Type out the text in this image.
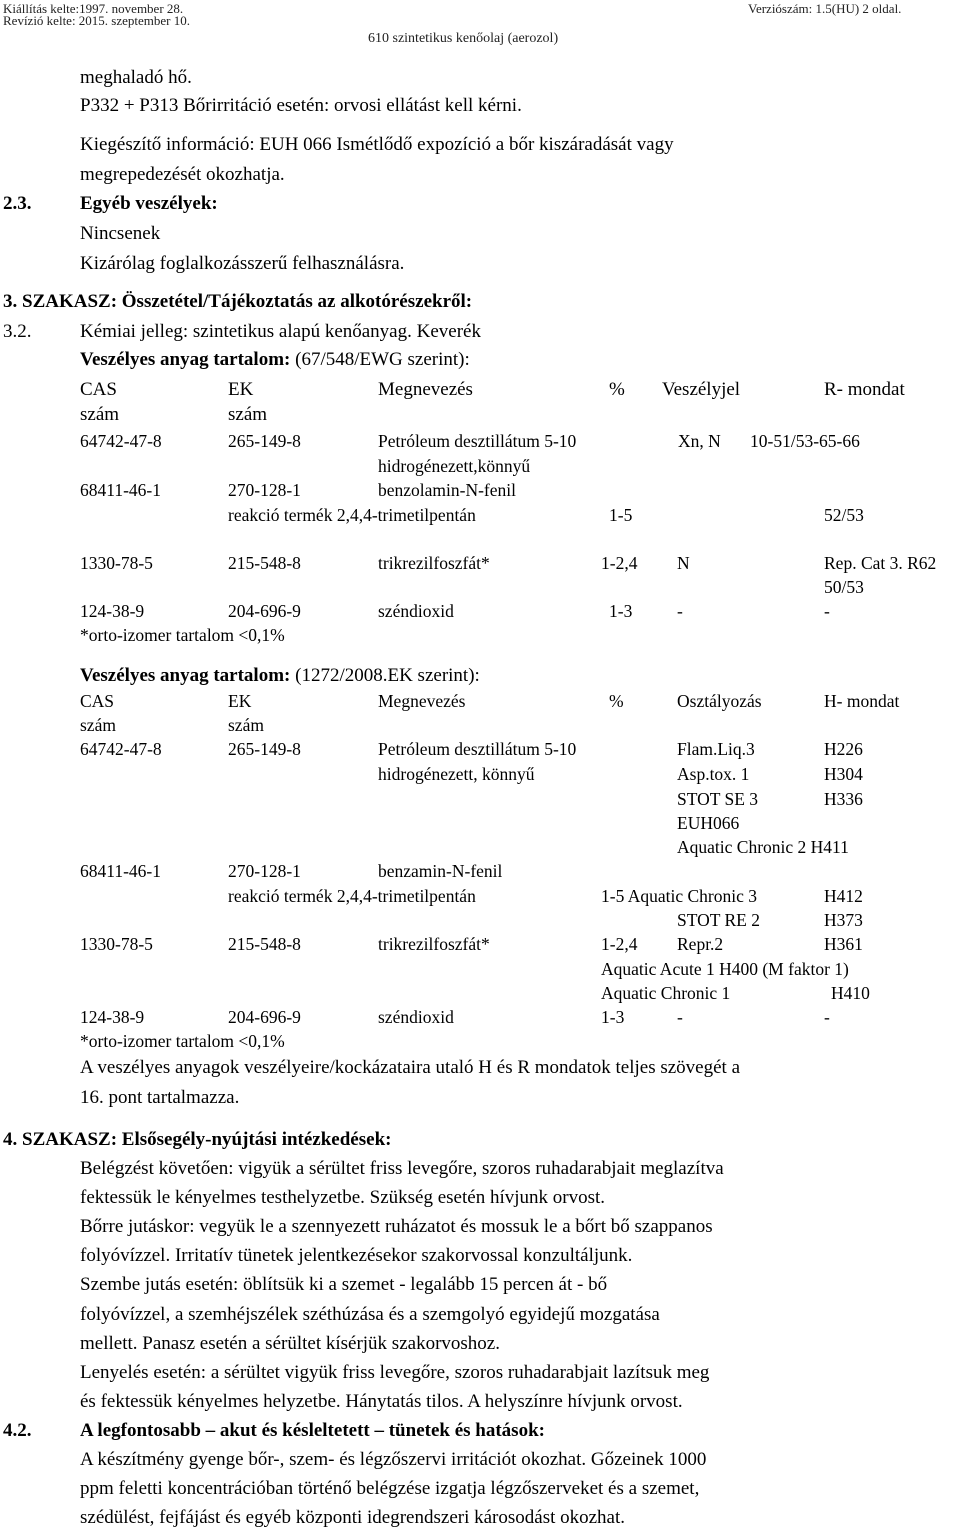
Kiállítás kelte:1997. november 28.
Revízió kelte: 2015. szeptember 10.
Verziószám: 1.5(HU) 2 oldal.
610 szintetikus kenőolaj (aerozol)
meghaladó hő.
P332 + P313 Bőrirritáció esetén: orvosi ellátást kell kérni.
Kiegészítő információ: EUH 066 Ismétlődő expozíció a bőr kiszáradását vagy
megrepedezését okozhatja.
2.3.	Egyéb veszélyek:
Nincsenek
Kizárólag foglalkozásszerű felhasználásra.
3. SZAKASZ: Összetétel/Tájékoztatás az alkotórészekről:
3.2.	Kémiai jelleg: szintetikus alapú kenőanyag. Keverék
Veszélyes anyag tartalom: (67/548/EWG szerint):
CAS	EK	Megnevezés	% Veszélyjel	R- mondat
szám	szám
64742-47-8	265-149-8	Petróleum desztillátum 5-10	Xn, N 10-51/53-65-66
hidrogénezett,könnyű
68411-46-1	270-128-1	benzolamin-N-fenil
reakció termék 2,4,4-trimetilpentán	1-5	52/53
1330-78-5	215-548-8	trikrezilfoszfát*	1-2,4 N	Rep. Cat 3. R62
50/53
124-38-9	204-696-9	széndioxid	1-3	-	-
*orto-izomer tartalom <0,1%
Veszélyes anyag tartalom: (1272/2008.EK szerint):
CAS	EK	Megnevezés	%	Osztályozás	H- mondat
szám	szám
64742-47-8	265-149-8	Petróleum desztillátum 5-10	Flam.Liq.3	H226
hidrogénezett, könnyű	Asp.tox. 1	H304
STOT SE 3	H336
EUH066
Aquatic Chronic 2 H411
68411-46-1	270-128-1	benzamin-N-fenil
reakció termék 2,4,4-trimetilpentán	1-5 Aquatic Chronic 3	H412
STOT RE 2	H373
1330-78-5	215-548-8	trikrezilfoszfát*	1-2,4 Repr.2	H361
Aquatic Acute 1 H400 (M faktor 1)
Aquatic Chronic 1	H410
124-38-9	204-696-9	széndioxid	1-3	-	-
*orto-izomer tartalom <0,1%
A veszélyes anyagok veszélyeire/kockázataira utaló H és R mondatok teljes szövegét a
16. pont tartalmazza.
4. SZAKASZ: Elsősegély-nyújtási intézkedések:
Belégzést követően: vigyük a sérültet friss levegőre, szoros ruhadarabjait meglazítva
fektessük le kényelmes testhelyzetbe. Szükség esetén hívjunk orvost.
Bőrre jutáskor: vegyük le a szennyezett ruházatot és mossuk le a bőrt bő szappanos
folyóvízzel. Irritatív tünetek jelentkezésekor szakorvossal konzultáljunk.
Szembe jutás esetén: öblítsük ki a szemet - legalább 15 percen át - bő
folyóvízzel, a szemhéjszélek széthúzása és a szemgolyó egyidejű mozgatása
mellett. Panasz esetén a sérültet kísérjük szakorvoshoz.
Lenyelés esetén: a sérültet vigyük friss levegőre, szoros ruhadarabjait lazítsuk meg
és fektessük kényelmes helyzetbe. Hánytatás tilos. A helyszínre hívjunk orvost.
4.2.	A legfontosabb – akut és késleltetett – tünetek és hatások:
A készítmény gyenge bőr-, szem- és légzőszervi irritációt okozhat. Gőzeinek 1000
ppm feletti koncentrációban történő belégzése izgatja légzőszerveket és a szemet,
szédülést, fejfájást és egyéb központi idegrendszeri károsodást okozhat.
